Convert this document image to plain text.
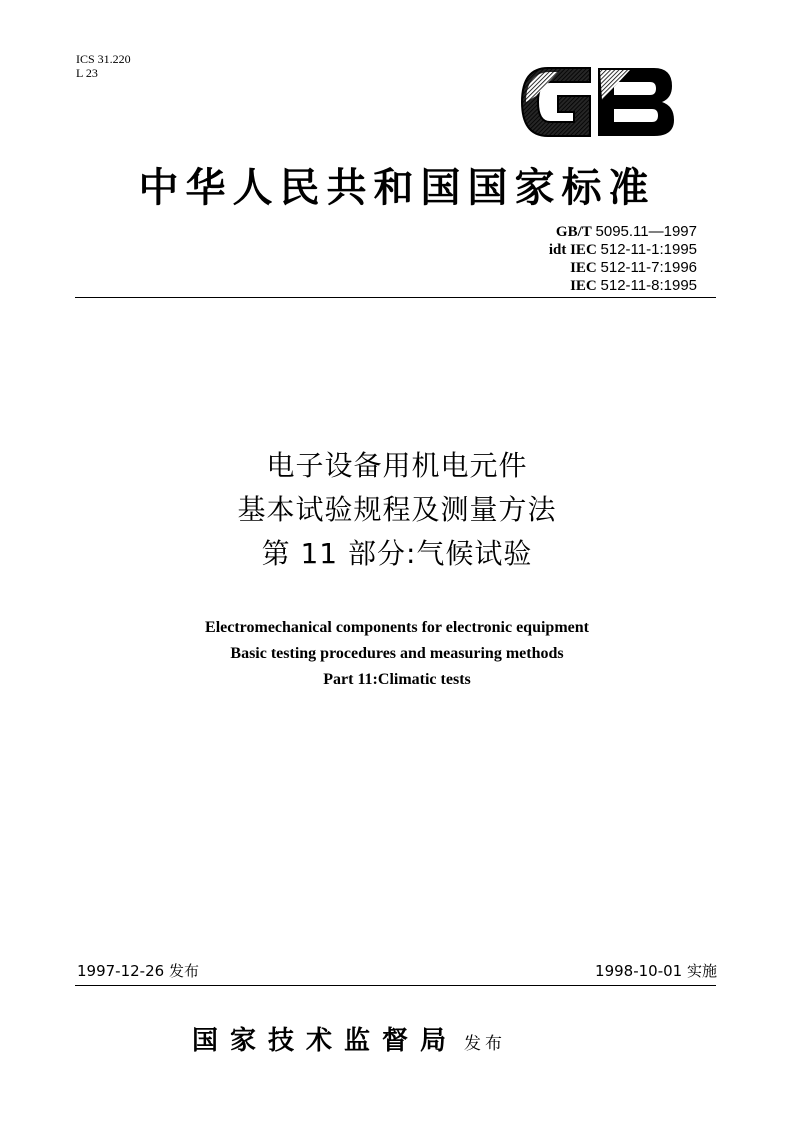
ICS 31.220
L 23
中华人民共和国国家标准
GB/T 5095.11—1997
idt IEC 512-11-1:1995
IEC 512-11-7:1996
IEC 512-11-8:1995
电子设备用机电元件
基本试验规程及测量方法
第 11 部分:气候试验
Electromechanical components for electronic equipment
Basic testing procedures and measuring methods
Part 11:Climatic tests
1997-12-26 发布	1998-10-01 实施
国家技术监督局 发布
